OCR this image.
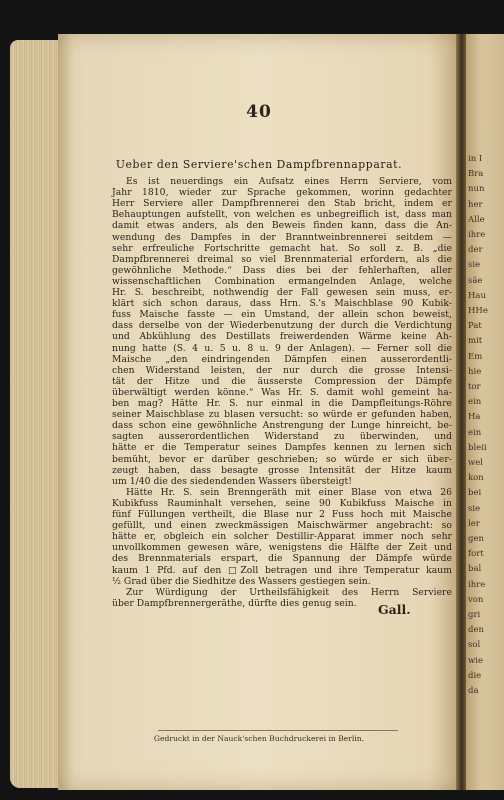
40
Ueber den Serviere'schen Dampfbrennapparat.
Es ist neuerdings ein Aufsatz eines Herrn Serviere, vom
Jahr 1810, wieder zur Sprache gekommen, worinn gedachter
Herr Serviere aller Dampfbrennerei den Stab bricht, indem er
Behauptungen aufstellt, von welchen es unbegreiflich ist, dass man
damit etwas anders, als den Beweis finden kann, dass die An-
wendung des Dampfes in der Branntweinbrennerei seitdem —
sehr erfreuliche Fortschritte gemacht hat. So soll z. B. „die
Dampfbrennerei dreimal so viel Brennmaterial erfordern, als die
gewöhnliche Methode.“ Dass dies bei der fehlerhaften, aller
wissenschaftlichen Combination ermangelnden Anlage, welche
Hr. S. beschreibt, nothwendig der Fall gewesen sein muss, er-
klärt sich schon daraus, dass Hrn. S.'s Maischblase 90 Kubik-
fuss Maische fasste — ein Umstand, der allein schon beweist,
dass derselbe von der Wiederbenutzung der durch die Verdichtung
und Abkühlung des Destillats freiwerdenden Wärme keine Ah-
nung hatte (S. 4 u. 5 u. 8 u. 9 der Anlagen). — Ferner soll die
Maische „den eindringenden Dämpfen einen ausserordentli-
chen Widerstand leisten, der nur durch die grosse Intensi-
tät der Hitze und die äusserste Compression der Dämpfe
überwältigt werden könne.“ Was Hr. S. damit wohl gemeint ha-
ben mag? Hätte Hr. S. nur einmal in die Dampfleitungs-Röhre
seiner Maischblase zu blasen versucht: so würde er gefunden haben,
dass schon eine gewöhnliche Anstrengung der Lunge hinreicht, be-
sagten ausserordentlichen Widerstand zu überwinden, und
hätte er die Temperatur seines Dampfes kennen zu lernen sich
bemüht, bevor er darüber geschrieben; so würde er sich über-
zeugt haben, dass besagte grosse Intensität der Hitze kaum
um 1/40 die des siedendenden Wassers übersteigt!
Hätte Hr. S. sein Brenngeräth mit einer Blase von etwa 26
Kubikfuss Rauminhalt versehen, seine 90 Kubikfuss Maische in
fünf Füllungen vertheilt, die Blase nur 2 Fuss hoch mit Maische
gefüllt, und einen zweckmässigen Maischwärmer angebracht: so
hätte er, obgleich ein solcher Destillir-Apparat immer noch sehr
unvollkommen gewesen wäre, wenigstens die Hälfte der Zeit und
des Brennmaterials erspart, die Spannung der Dämpfe würde
kaum 1 Pfd. auf den □Zoll betragen und ihre Temperatur kaum
½ Grad über die Siedhitze des Wassers gestiegen sein.
Zur Würdigung der Urtheilsfähigkeit des Herrn Serviere
über Dampfbrennergeräthe, dürfte dies genug sein.	Gall.
Gedruckt in der Nauck'schen Buchdruckerei in Berlin.
in I
Bra
nun
her
Alle
ihre
der
sie
säe
Hau
HHe
Pat
mit
Em
hie
tor
ein
Ha
ein
bleii
wel
kon
bei
sie
ler
gen
fort
bal
ihre
von
gri
den
sol
wie
die
da
